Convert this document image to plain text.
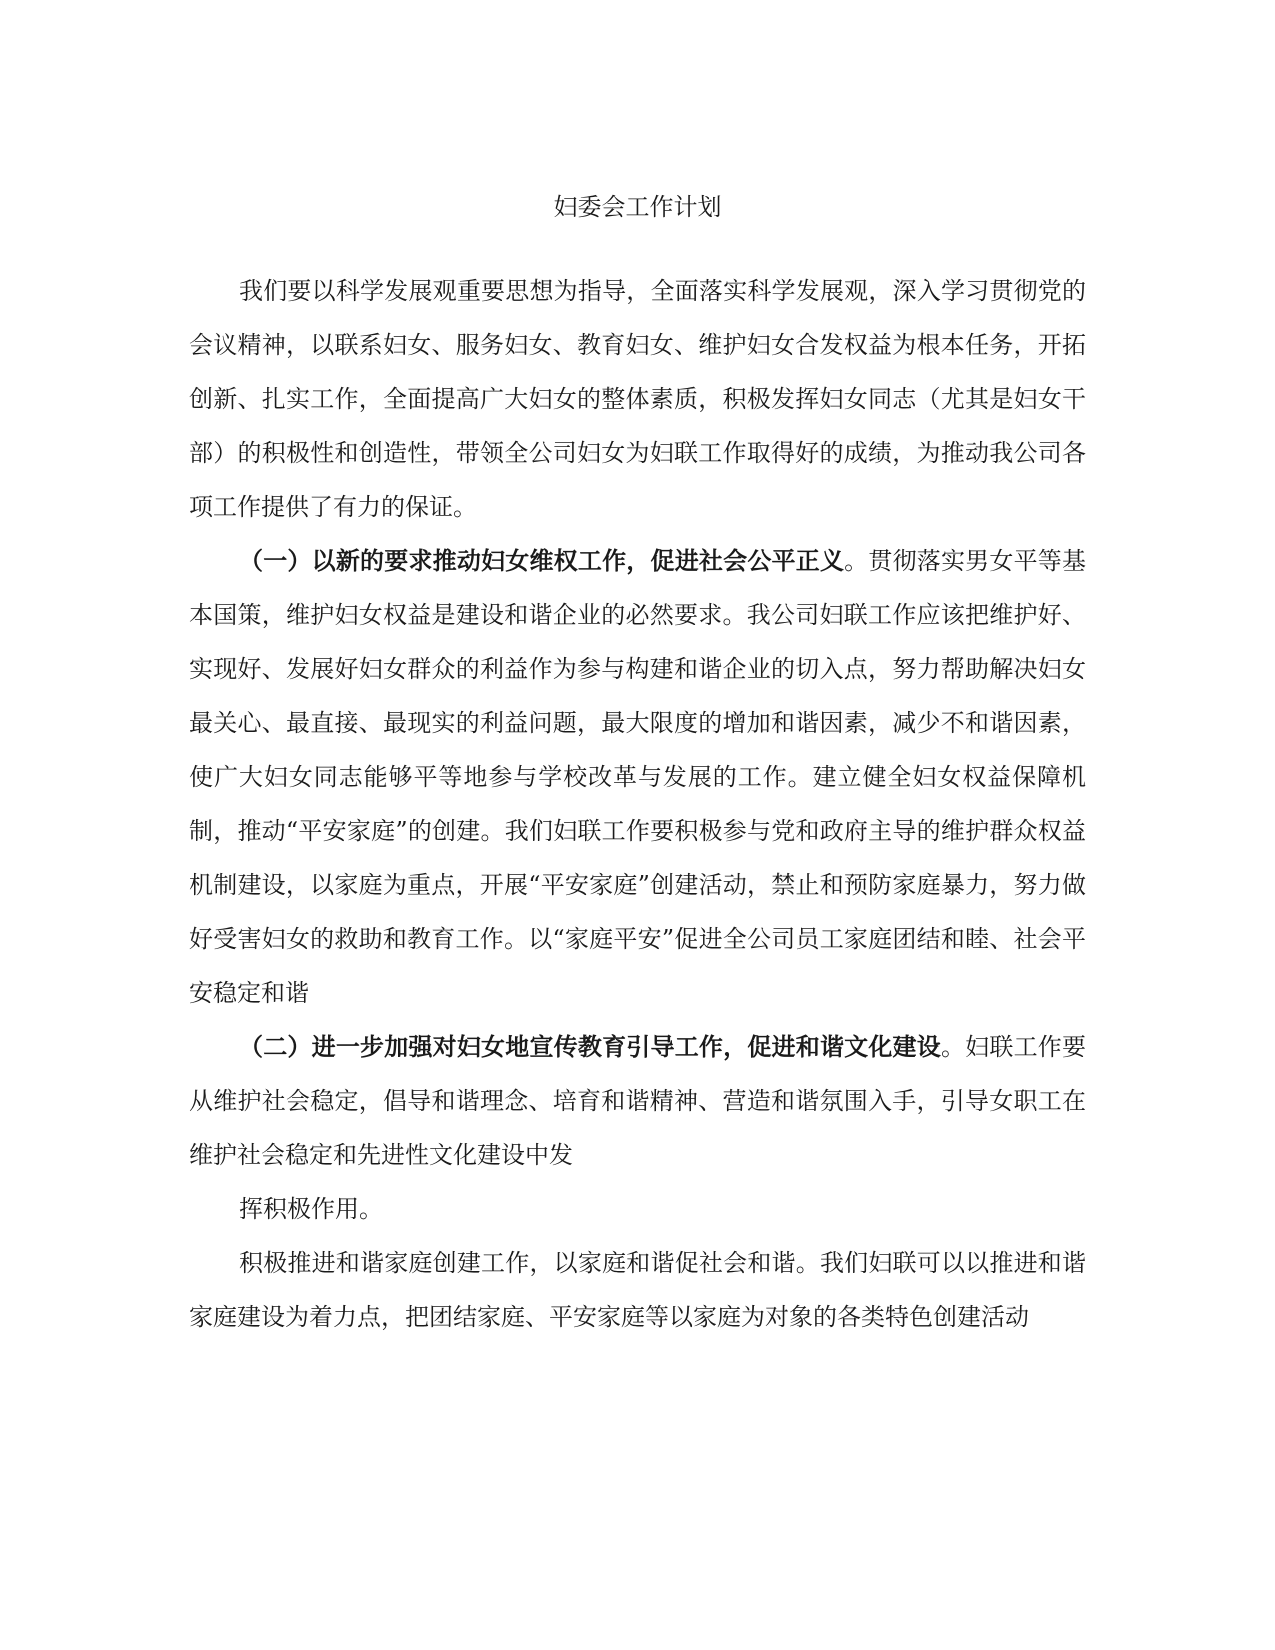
妇委会工作计划

我们要以科学发展观重要思想为指导，全面落实科学发展观，深入学习贯彻党的会议精神，以联系妇女、服务妇女、教育妇女、维护妇女合发权益为根本任务，开拓创新、扎实工作，全面提高广大妇女的整体素质，积极发挥妇女同志（尤其是妇女干部）的积极性和创造性，带领全公司妇女为妇联工作取得好的成绩，为推动我公司各项工作提供了有力的保证。

（一）以新的要求推动妇女维权工作，促进社会公平正义。贯彻落实男女平等基本国策，维护妇女权益是建设和谐企业的必然要求。我公司妇联工作应该把维护好、实现好、发展好妇女群众的利益作为参与构建和谐企业的切入点，努力帮助解决妇女最关心、最直接、最现实的利益问题，最大限度的增加和谐因素，减少不和谐因素，使广大妇女同志能够平等地参与学校改革与发展的工作。建立健全妇女权益保障机制，推动“平安家庭”的创建。我们妇联工作要积极参与党和政府主导的维护群众权益机制建设，以家庭为重点，开展“平安家庭”创建活动，禁止和预防家庭暴力，努力做好受害妇女的救助和教育工作。以“家庭平安”促进全公司员工家庭团结和睦、社会平安稳定和谐

（二）进一步加强对妇女地宣传教育引导工作，促进和谐文化建设。妇联工作要从维护社会稳定，倡导和谐理念、培育和谐精神、营造和谐氛围入手，引导女职工在维护社会稳定和先进性文化建设中发

挥积极作用。

积极推进和谐家庭创建工作，以家庭和谐促社会和谐。我们妇联可以以推进和谐家庭建设为着力点，把团结家庭、平安家庭等以家庭为对象的各类特色创建活动
